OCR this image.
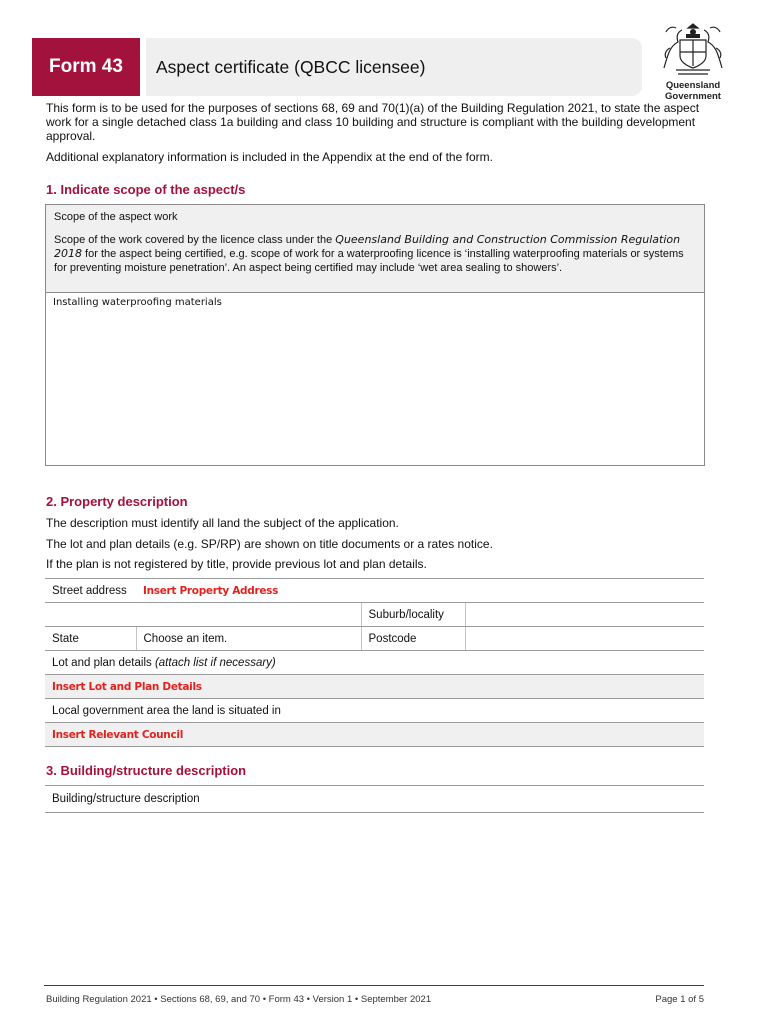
Form 43	Aspect certificate (QBCC licensee)
Queensland
Government

This form is to be used for the purposes of sections 68, 69 and 70(1)(a) of the Building Regulation 2021, to state the aspect work for a single detached class 1a building and class 10 building and structure is compliant with the building development approval.

Additional explanatory information is included in the Appendix at the end of the form.

1. Indicate scope of the aspect/s

Scope of the aspect work

Scope of the work covered by the licence class under the Queensland Building and Construction Commission Regulation 2018 for the aspect being certified, e.g. scope of work for a waterproofing licence is ‘installing waterproofing materials or systems for preventing moisture penetration’. An aspect being certified may include ‘wet area sealing to showers’.

Installing waterproofing materials
2. Property description

The description must identify all land the subject of the application.

The lot and plan details (e.g. SP/RP) are shown on title documents or a rates notice.

If the plan is not registered by title, provide previous lot and plan details.

Street address	Insert Property Address		
		Suburb/locality	
State	Choose an item.	Postcode	
Lot and plan details (attach list if necessary)			
Insert Lot and Plan Details			
Local government area the land is situated in			
Insert Relevant Council			
3. Building/structure description
Building/structure description
Building Regulation 2021 • Sections 68, 69, and 70 • Form 43 • Version 1 • September 2021	Page 1 of 5
